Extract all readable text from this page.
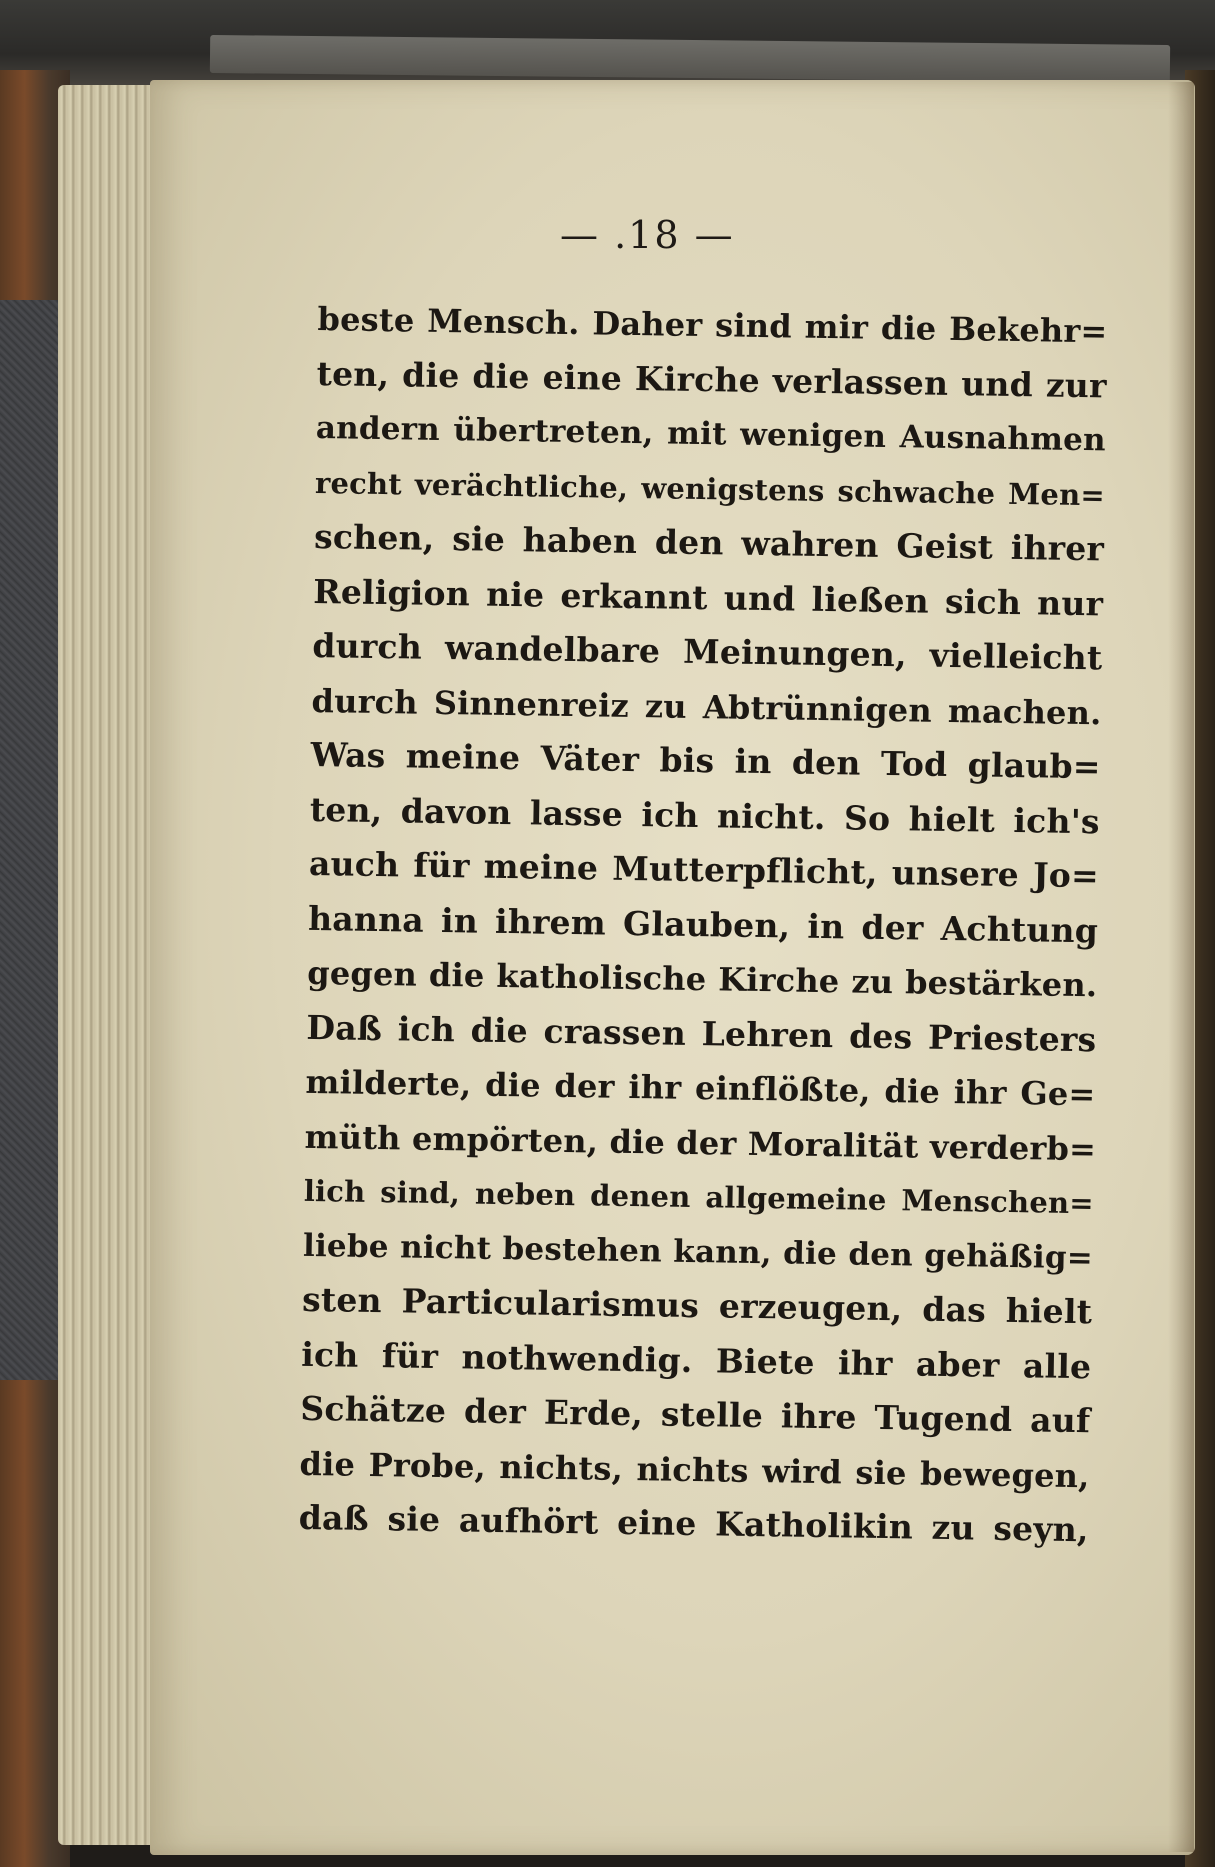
— .18 —
beste Mensch. Daher sind mir die Bekehr=
ten, die die eine Kirche verlassen und zur
andern übertreten, mit wenigen Ausnahmen
recht verächtliche, wenigstens schwache Men=
schen, sie haben den wahren Geist ihrer
Religion nie erkannt und ließen sich nur
durch wandelbare Meinungen, vielleicht
durch Sinnenreiz zu Abtrünnigen machen.
Was meine Väter bis in den Tod glaub=
ten, davon lasse ich nicht. So hielt ich's
auch für meine Mutterpflicht, unsere Jo=
hanna in ihrem Glauben, in der Achtung
gegen die katholische Kirche zu bestärken.
Daß ich die crassen Lehren des Priesters
milderte, die der ihr einflößte, die ihr Ge=
müth empörten, die der Moralität verderb=
lich sind, neben denen allgemeine Menschen=
liebe nicht bestehen kann, die den gehäßig=
sten Particularismus erzeugen, das hielt
ich für nothwendig. Biete ihr aber alle
Schätze der Erde, stelle ihre Tugend auf
die Probe, nichts, nichts wird sie bewegen,
daß sie aufhört eine Katholikin zu seyn,
